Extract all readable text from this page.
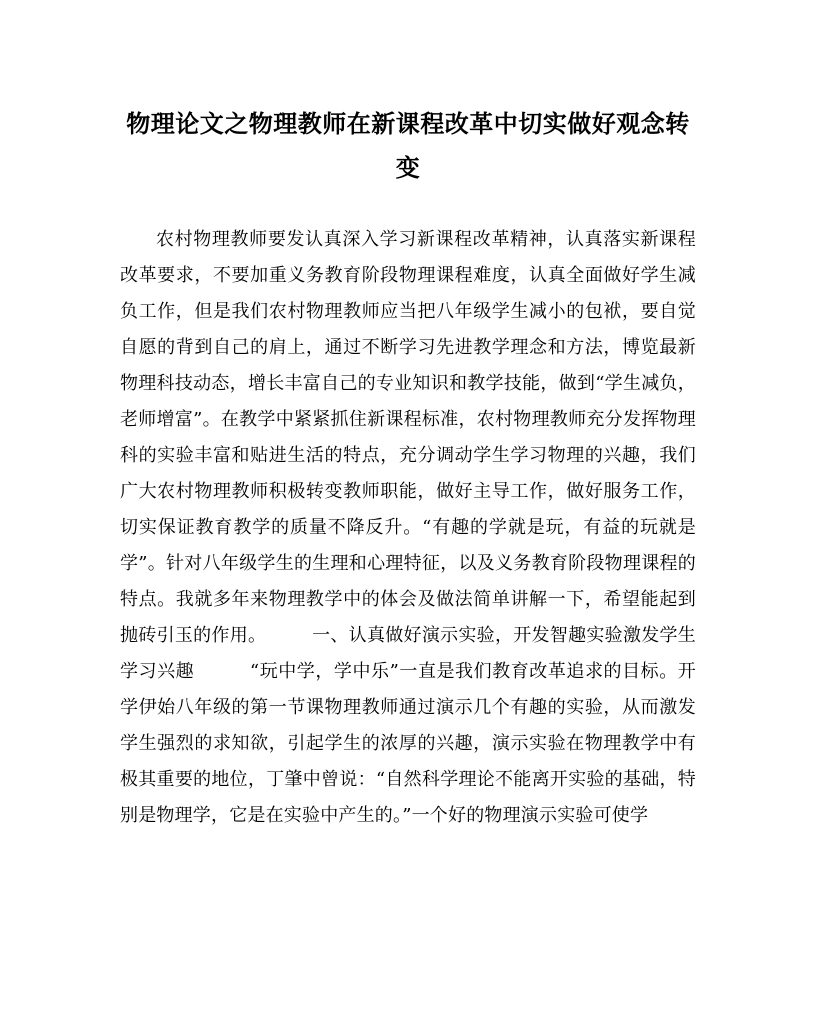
物理论文之物理教师在新课程改革中切实做好观念转变

农村物理教师要发认真深入学习新课程改革精神，认真落实新课程改革要求，不要加重义务教育阶段物理课程难度，认真全面做好学生减负工作，但是我们农村物理教师应当把八年级学生减小的包袱，要自觉自愿的背到自己的肩上，通过不断学习先进教学理念和方法，博览最新物理科技动态，增长丰富自己的专业知识和教学技能，做到“学生减负，老师增富”。在教学中紧紧抓住新课程标准，农村物理教师充分发挥物理科的实验丰富和贴进生活的特点，充分调动学生学习物理的兴趣，我们广大农村物理教师积极转变教师职能，做好主导工作，做好服务工作，切实保证教育教学的质量不降反升。“有趣的学就是玩，有益的玩就是学”。针对八年级学生的生理和心理特征，以及义务教育阶段物理课程的特点。我就多年来物理教学中的体会及做法简单讲解一下，希望能起到抛砖引玉的作用。　　　一、认真做好演示实验，开发智趣实验激发学生学习兴趣　　　“玩中学，学中乐”一直是我们教育改革追求的目标。开学伊始八年级的第一节课物理教师通过演示几个有趣的实验，从而激发学生强烈的求知欲，引起学生的浓厚的兴趣，演示实验在物理教学中有极其重要的地位，丁肇中曾说：“自然科学理论不能离开实验的基础，特别是物理学，它是在实验中产生的。”一个好的物理演示实验可使学
